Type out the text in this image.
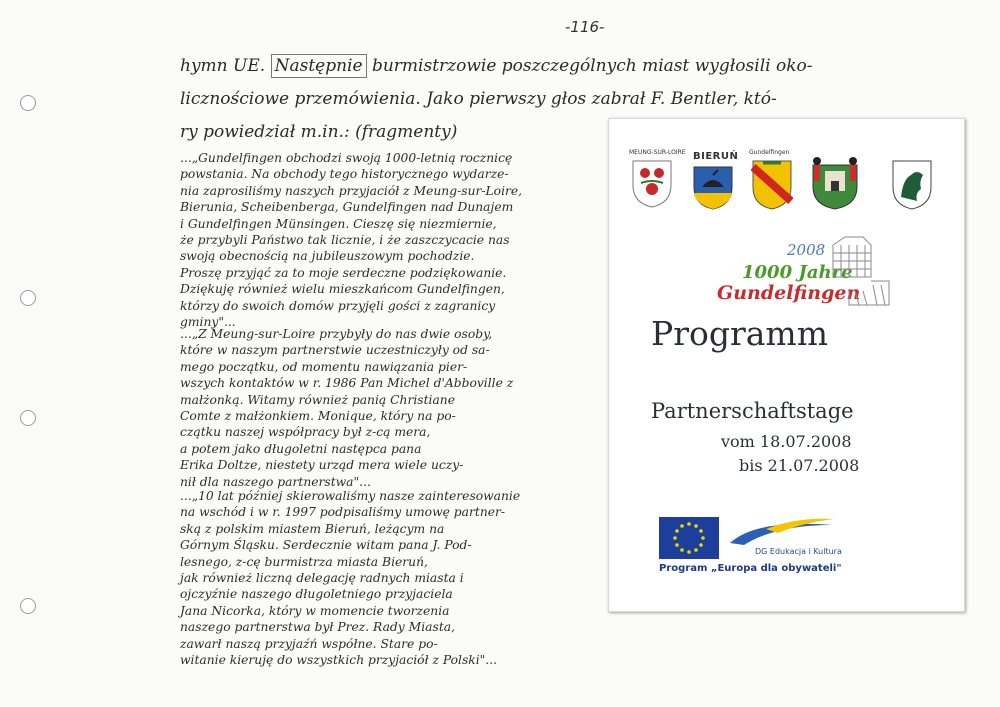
-116-
hymn UE. Następnie burmistrzowie poszczególnych miast wygłosili oko-
licznościowe przemówienia. Jako pierwszy głos zabrał F. Bentler, któ-
ry powiedział m.in.: (fragmenty)
...„Gundelfingen obchodzi swoją 1000-letnią rocznicę
powstania. Na obchody tego historycznego wydarze-
nia zaprosiliśmy naszych przyjaciół z Meung-sur-Loire,
Bierunia, Scheibenberga, Gundelfingen nad Dunajem
i Gundelfingen Münsingen. Cieszę się niezmiernie,
że przybyli Państwo tak licznie, i że zaszczycacie nas
swoją obecnością na jubileuszowym pochodzie.
Proszę przyjąć za to moje serdeczne podziękowanie.
Dziękuję również wielu mieszkańcom Gundelfingen,
którzy do swoich domów przyjęli gości z zagranicy
gminy"...
...„Z Meung-sur-Loire przybyły do nas dwie osoby,
które w naszym partnerstwie uczestniczyły od sa-
mego początku, od momentu nawiązania pier-
wszych kontaktów w r. 1986 Pan Michel d'Abboville z
małżonką. Witamy również panią Christiane
Comte z małżonkiem. Monique, który na po-
czątku naszej współpracy był z-cą mera,
a potem jako długoletni następca pana
Erika Doltze, niestety urząd mera wiele uczy-
nił dla naszego partnerstwa"...
...„10 lat później skierowaliśmy nasze zainteresowanie
na wschód i w r. 1997 podpisaliśmy umowę partner-
ską z polskim miastem Bieruń, leżącym na
Górnym Śląsku. Serdecznie witam pana J. Pod-
lesnego, z-cę burmistrza miasta Bieruń,
jak również liczną delegację radnych miasta i
ojczyźnie naszego długoletniego przyjaciela
Jana Nicorka, który w momencie tworzenia
naszego partnerstwa był Prez. Rady Miasta,
zawarł naszą przyjaźń współne. Stare po-
witanie kieruję do wszystkich przyjaciół z Polski"...
MEUNG-SUR-LOIRE BIERUŃ Gundelfingen
2008
1000 Jahre
Gundelfingen
Programm
Partnerschaftstage
vom 18.07.2008
bis 21.07.2008
DG Edukacja i Kultura
Program „Europa dla obywateli"
